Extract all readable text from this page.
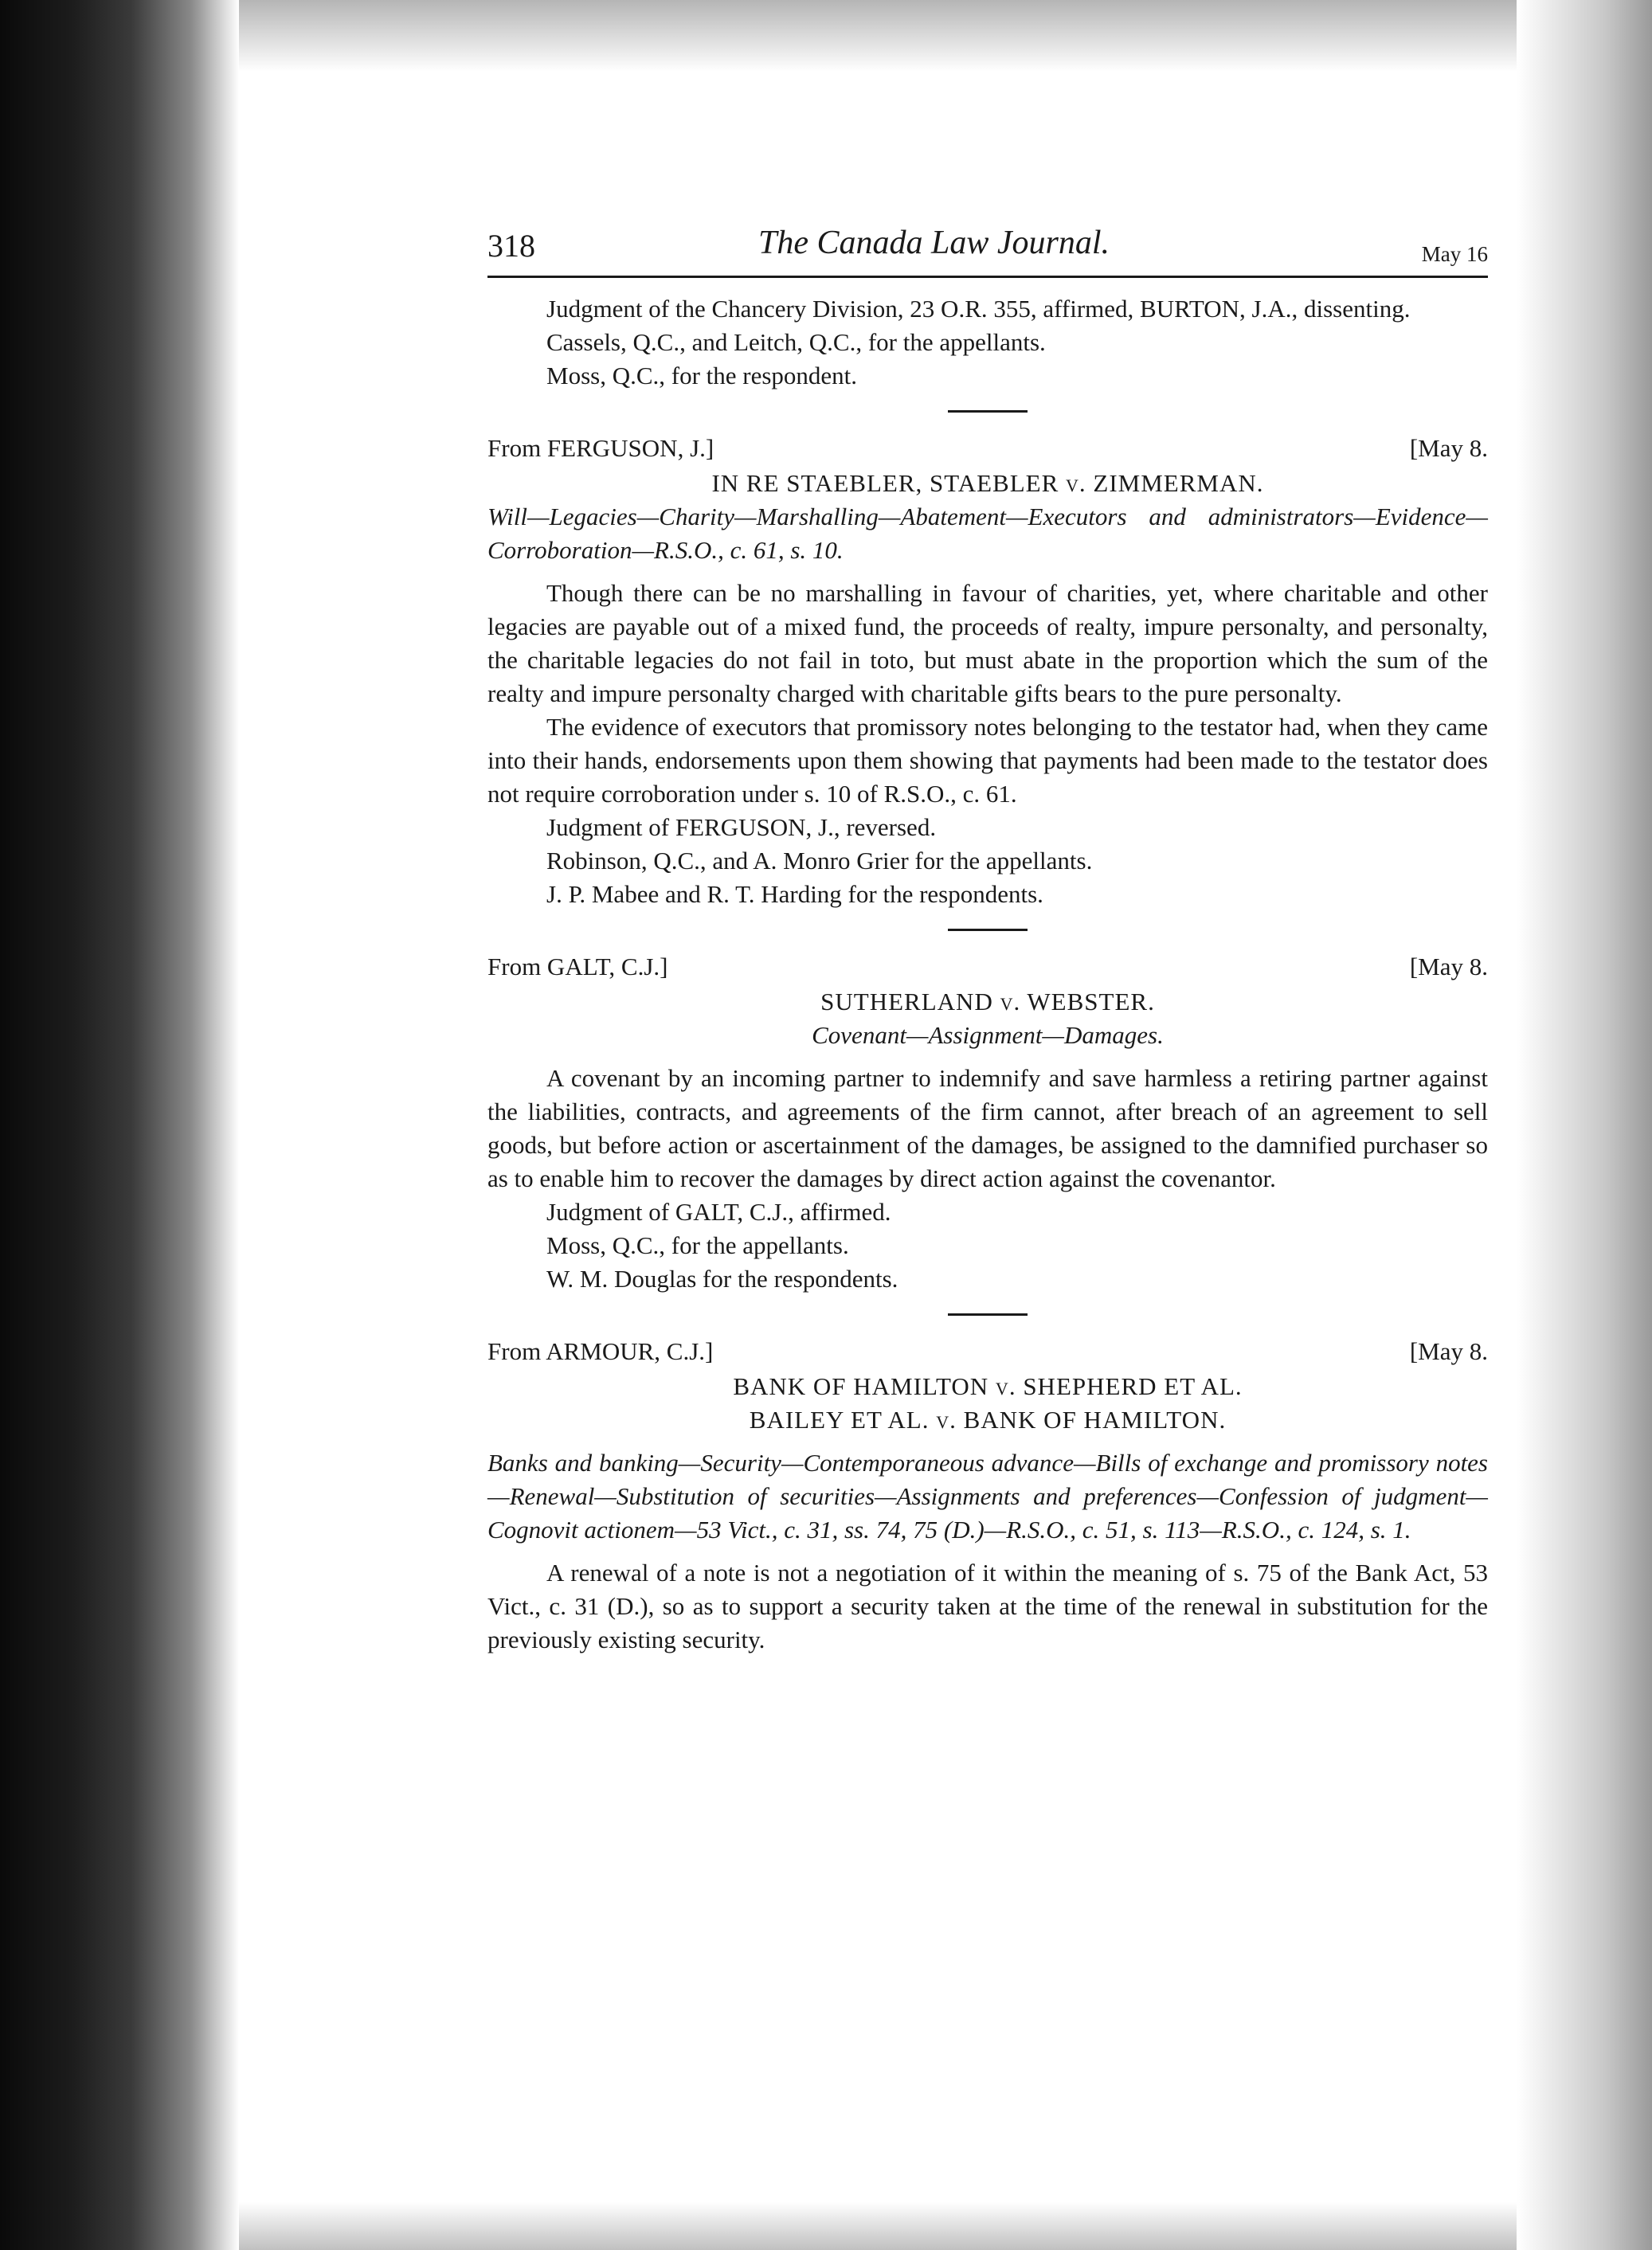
318	The Canada Law Journal.	May 16

Judgment of the Chancery Division, 23 O.R. 355, affirmed, BURTON, J.A., dissenting.

Cassels, Q.C., and Leitch, Q.C., for the appellants.

Moss, Q.C., for the respondent.

From FERGUSON, J.]	[May 8.

IN RE STAEBLER, STAEBLER v. ZIMMERMAN.

Will—Legacies—Charity—Marshalling—Abatement—Executors and administrators—Evidence—Corroboration—R.S.O., c. 61, s. 10.

Though there can be no marshalling in favour of charities, yet, where charitable and other legacies are payable out of a mixed fund, the proceeds of realty, impure personalty, and personalty, the charitable legacies do not fail in toto, but must abate in the proportion which the sum of the realty and impure personalty charged with charitable gifts bears to the pure personalty.

The evidence of executors that promissory notes belonging to the testator had, when they came into their hands, endorsements upon them showing that payments had been made to the testator does not require corroboration under s. 10 of R.S.O., c. 61.

Judgment of FERGUSON, J., reversed.

Robinson, Q.C., and A. Monro Grier for the appellants.

J. P. Mabee and R. T. Harding for the respondents.

From GALT, C.J.]	[May 8.

SUTHERLAND v. WEBSTER.

Covenant—Assignment—Damages.

A covenant by an incoming partner to indemnify and save harmless a retiring partner against the liabilities, contracts, and agreements of the firm cannot, after breach of an agreement to sell goods, but before action or ascertainment of the damages, be assigned to the damnified purchaser so as to enable him to recover the damages by direct action against the covenantor.

Judgment of GALT, C.J., affirmed.

Moss, Q.C., for the appellants.

W. M. Douglas for the respondents.

From ARMOUR, C.J.]	[May 8.

BANK OF HAMILTON v. SHEPHERD ET AL.

BAILEY ET AL. v. BANK OF HAMILTON.

Banks and banking—Security—Contemporaneous advance—Bills of exchange and promissory notes—Renewal—Substitution of securities—Assignments and preferences—Confession of judgment—Cognovit actionem—53 Vict., c. 31, ss. 74, 75 (D.)—R.S.O., c. 51, s. 113—R.S.O., c. 124, s. 1.

A renewal of a note is not a negotiation of it within the meaning of s. 75 of the Bank Act, 53 Vict., c. 31 (D.), so as to support a security taken at the time of the renewal in substitution for the previously existing security.
